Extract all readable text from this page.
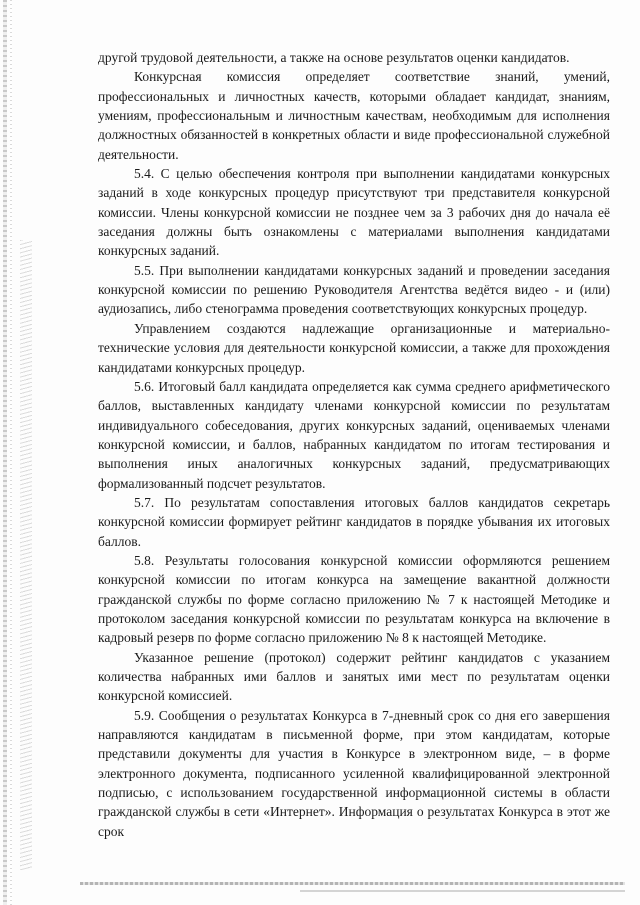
другой трудовой деятельности, а также на основе результатов оценки кандидатов.

Конкурсная комиссия определяет соответствие знаний, умений, профессиональных и личностных качеств, которыми обладает кандидат, знаниям, умениям, профессиональным и личностным качествам, необходимым для исполнения должностных обязанностей в конкретных области и виде профессиональной служебной деятельности.

5.4. С целью обеспечения контроля при выполнении кандидатами конкурсных заданий в ходе конкурсных процедур присутствуют три представителя конкурсной комиссии. Члены конкурсной комиссии не позднее чем за 3 рабочих дня до начала её заседания должны быть ознакомлены с материалами выполнения кандидатами конкурсных заданий.

5.5. При выполнении кандидатами конкурсных заданий и проведении заседания конкурсной комиссии по решению Руководителя Агентства ведётся видео - и (или) аудиозапись, либо стенограмма проведения соответствующих конкурсных процедур.

Управлением создаются надлежащие организационные и материально-технические условия для деятельности конкурсной комиссии, а также для прохождения кандидатами конкурсных процедур.

5.6. Итоговый балл кандидата определяется как сумма среднего арифметического баллов, выставленных кандидату членами конкурсной комиссии по результатам индивидуального собеседования, других конкурсных заданий, оцениваемых членами конкурсной комиссии, и баллов, набранных кандидатом по итогам тестирования и выполнения иных аналогичных конкурсных заданий, предусматривающих формализованный подсчет результатов.

5.7. По результатам сопоставления итоговых баллов кандидатов секретарь конкурсной комиссии формирует рейтинг кандидатов в порядке убывания их итоговых баллов.

5.8. Результаты голосования конкурсной комиссии оформляются решением конкурсной комиссии по итогам конкурса на замещение вакантной должности гражданской службы по форме согласно приложению № 7 к настоящей Методике и протоколом заседания конкурсной комиссии по результатам конкурса на включение в кадровый резерв по форме согласно приложению № 8 к настоящей Методике.

Указанное решение (протокол) содержит рейтинг кандидатов с указанием количества набранных ими баллов и занятых ими мест по результатам оценки конкурсной комиссией.

5.9. Сообщения о результатах Конкурса в 7-дневный срок со дня его завершения направляются кандидатам в письменной форме, при этом кандидатам, которые представили документы для участия в Конкурсе в электронном виде, – в форме электронного документа, подписанного усиленной квалифицированной электронной подписью, с использованием государственной информационной системы в области гражданской службы в сети «Интернет». Информация о результатах Конкурса в этот же срок
